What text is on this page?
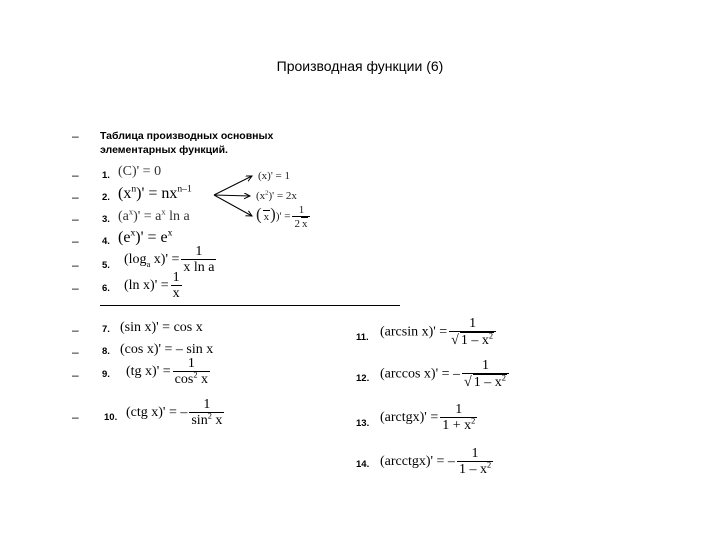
Производная функции (6)
– Таблица производных основных
элементарных функций.
–
–
–
–
–
–
–
–
–
–
1.
2.
3.
4.
5.
6.
7.
8.
9.
10.
11.
12.
13.
14.
(C)' = 0
$(x^n)' = nx^{n-1}$
$(a^x)' = a^x$ ln a
$(e^x)' = e^x$
($\log_a$ $x)' = \frac{1}{\text{x ln a}}$
(ln $x)' = \frac{1}{x}$
(x)' = 1
$(x^2)' = 2x$
( $x))' = \frac{1}{2 x}$
(sin x)' = cos x
(cos x)' = – sin x
(tg $x)' = \frac{1}{\cos^2 x}$
(ctg x)' = – $\frac{1}{\sin^2 x}$
(arcsin $x)' = \frac{1}{√ 1 - x^2}$
(arccos x)' = – $\frac{1}{√ 1 - x^2}$
(arctgx)' = $\frac{1}{1 + x^2}$
(arcctgx)' = – $\frac{1}{1 - x^2}$
